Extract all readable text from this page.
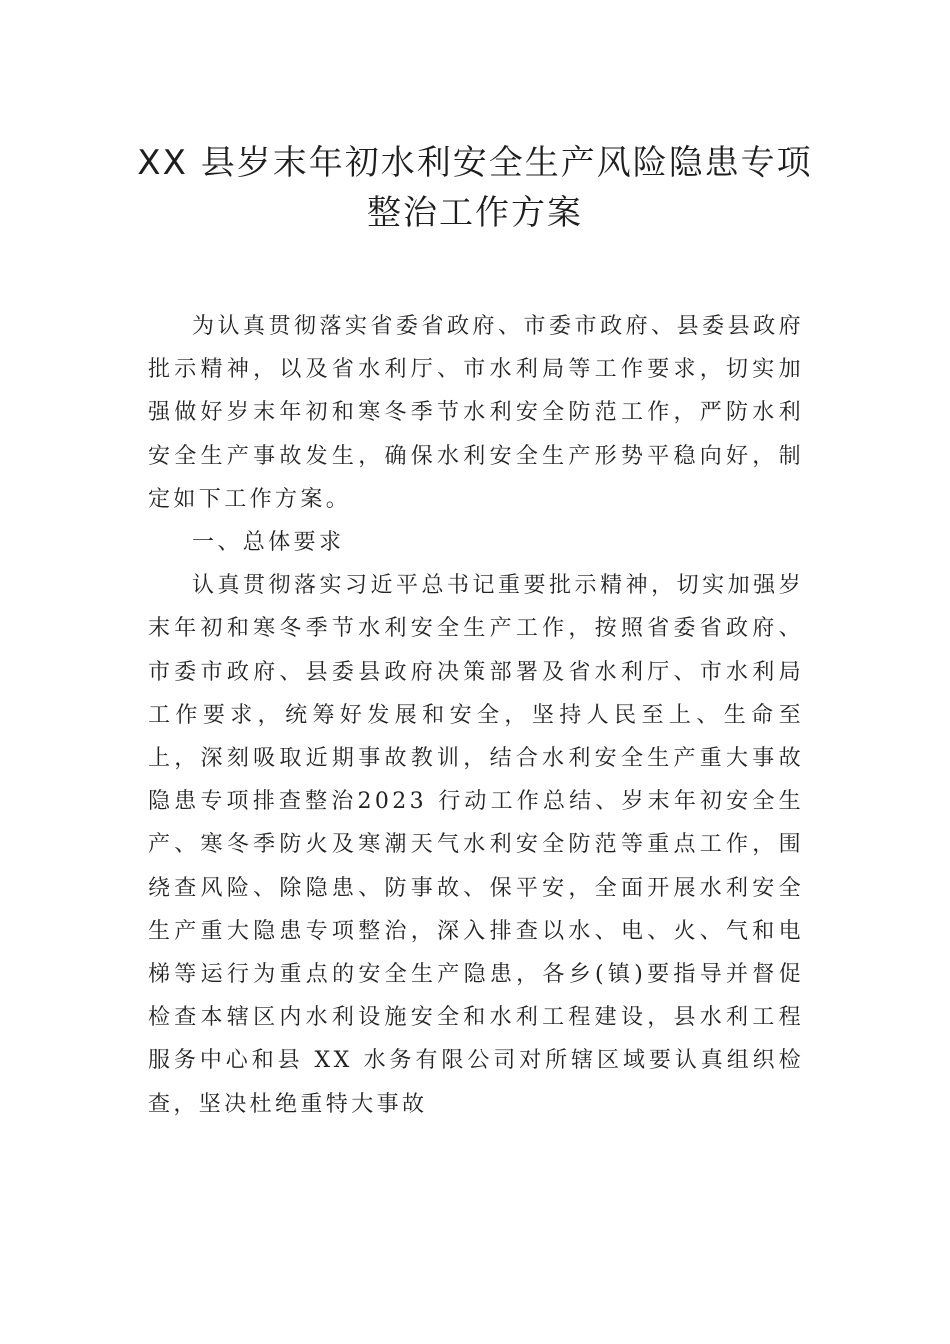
XX 县岁末年初水利安全生产风险隐患专项
整治工作方案

为认真贯彻落实省委省政府、市委市政府、县委县政府批示精神，以及省水利厅、市水利局等工作要求，切实加强做好岁末年初和寒冬季节水利安全防范工作，严防水利安全生产事故发生，确保水利安全生产形势平稳向好，制定如下工作方案。

一、总体要求

认真贯彻落实习近平总书记重要批示精神，切实加强岁末年初和寒冬季节水利安全生产工作，按照省委省政府、市委市政府、县委县政府决策部署及省水利厅、市水利局工作要求，统筹好发展和安全，坚持人民至上、生命至上，深刻吸取近期事故教训，结合水利安全生产重大事故隐患专项排查整治2023 行动工作总结、岁末年初安全生产、寒冬季防火及寒潮天气水利安全防范等重点工作，围绕查风险、除隐患、防事故、保平安，全面开展水利安全生产重大隐患专项整治，深入排查以水、电、火、气和电梯等运行为重点的安全生产隐患，各乡(镇)要指导并督促检查本辖区内水利设施安全和水利工程建设，县水利工程服务中心和县 XX 水务有限公司对所辖区域要认真组织检查，坚决杜绝重特大事故
